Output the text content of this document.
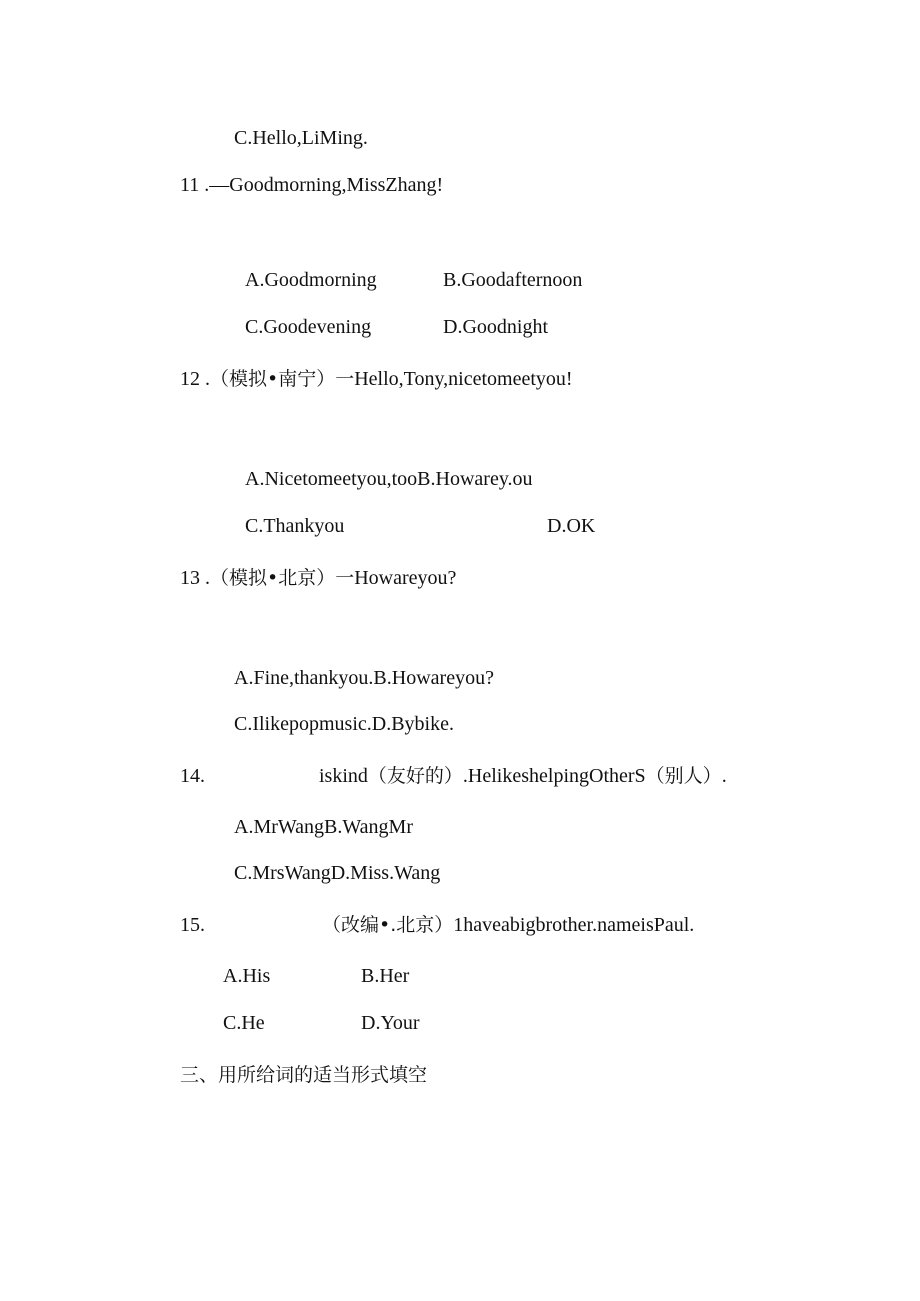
C.Hello,LiMing.
11 .—Goodmorning,MissZhang!
A.Goodmorning	B.Goodafternoon
C.Goodevening	D.Goodnight
12 .（模拟•南宁）一Hello,Tony,nicetomeetyou!
A.Nicetomeetyou,tooB.Howarey.ou
C.Thankyou	D.OK
13 .（模拟•北京）一Howareyou?
A.Fine,thankyou.B.Howareyou?
C.Ilikepopmusic.D.Bybike.
14.	iskind（友好的）.HelikeshelpingOtherS（别人）.
A.MrWangB.WangMr
C.MrsWangD.Miss.Wang
15.	（改编•.北京）1haveabigbrother.nameisPaul.
A.His	B.Her
C.He	D.Your
三、用所给词的适当形式填空
